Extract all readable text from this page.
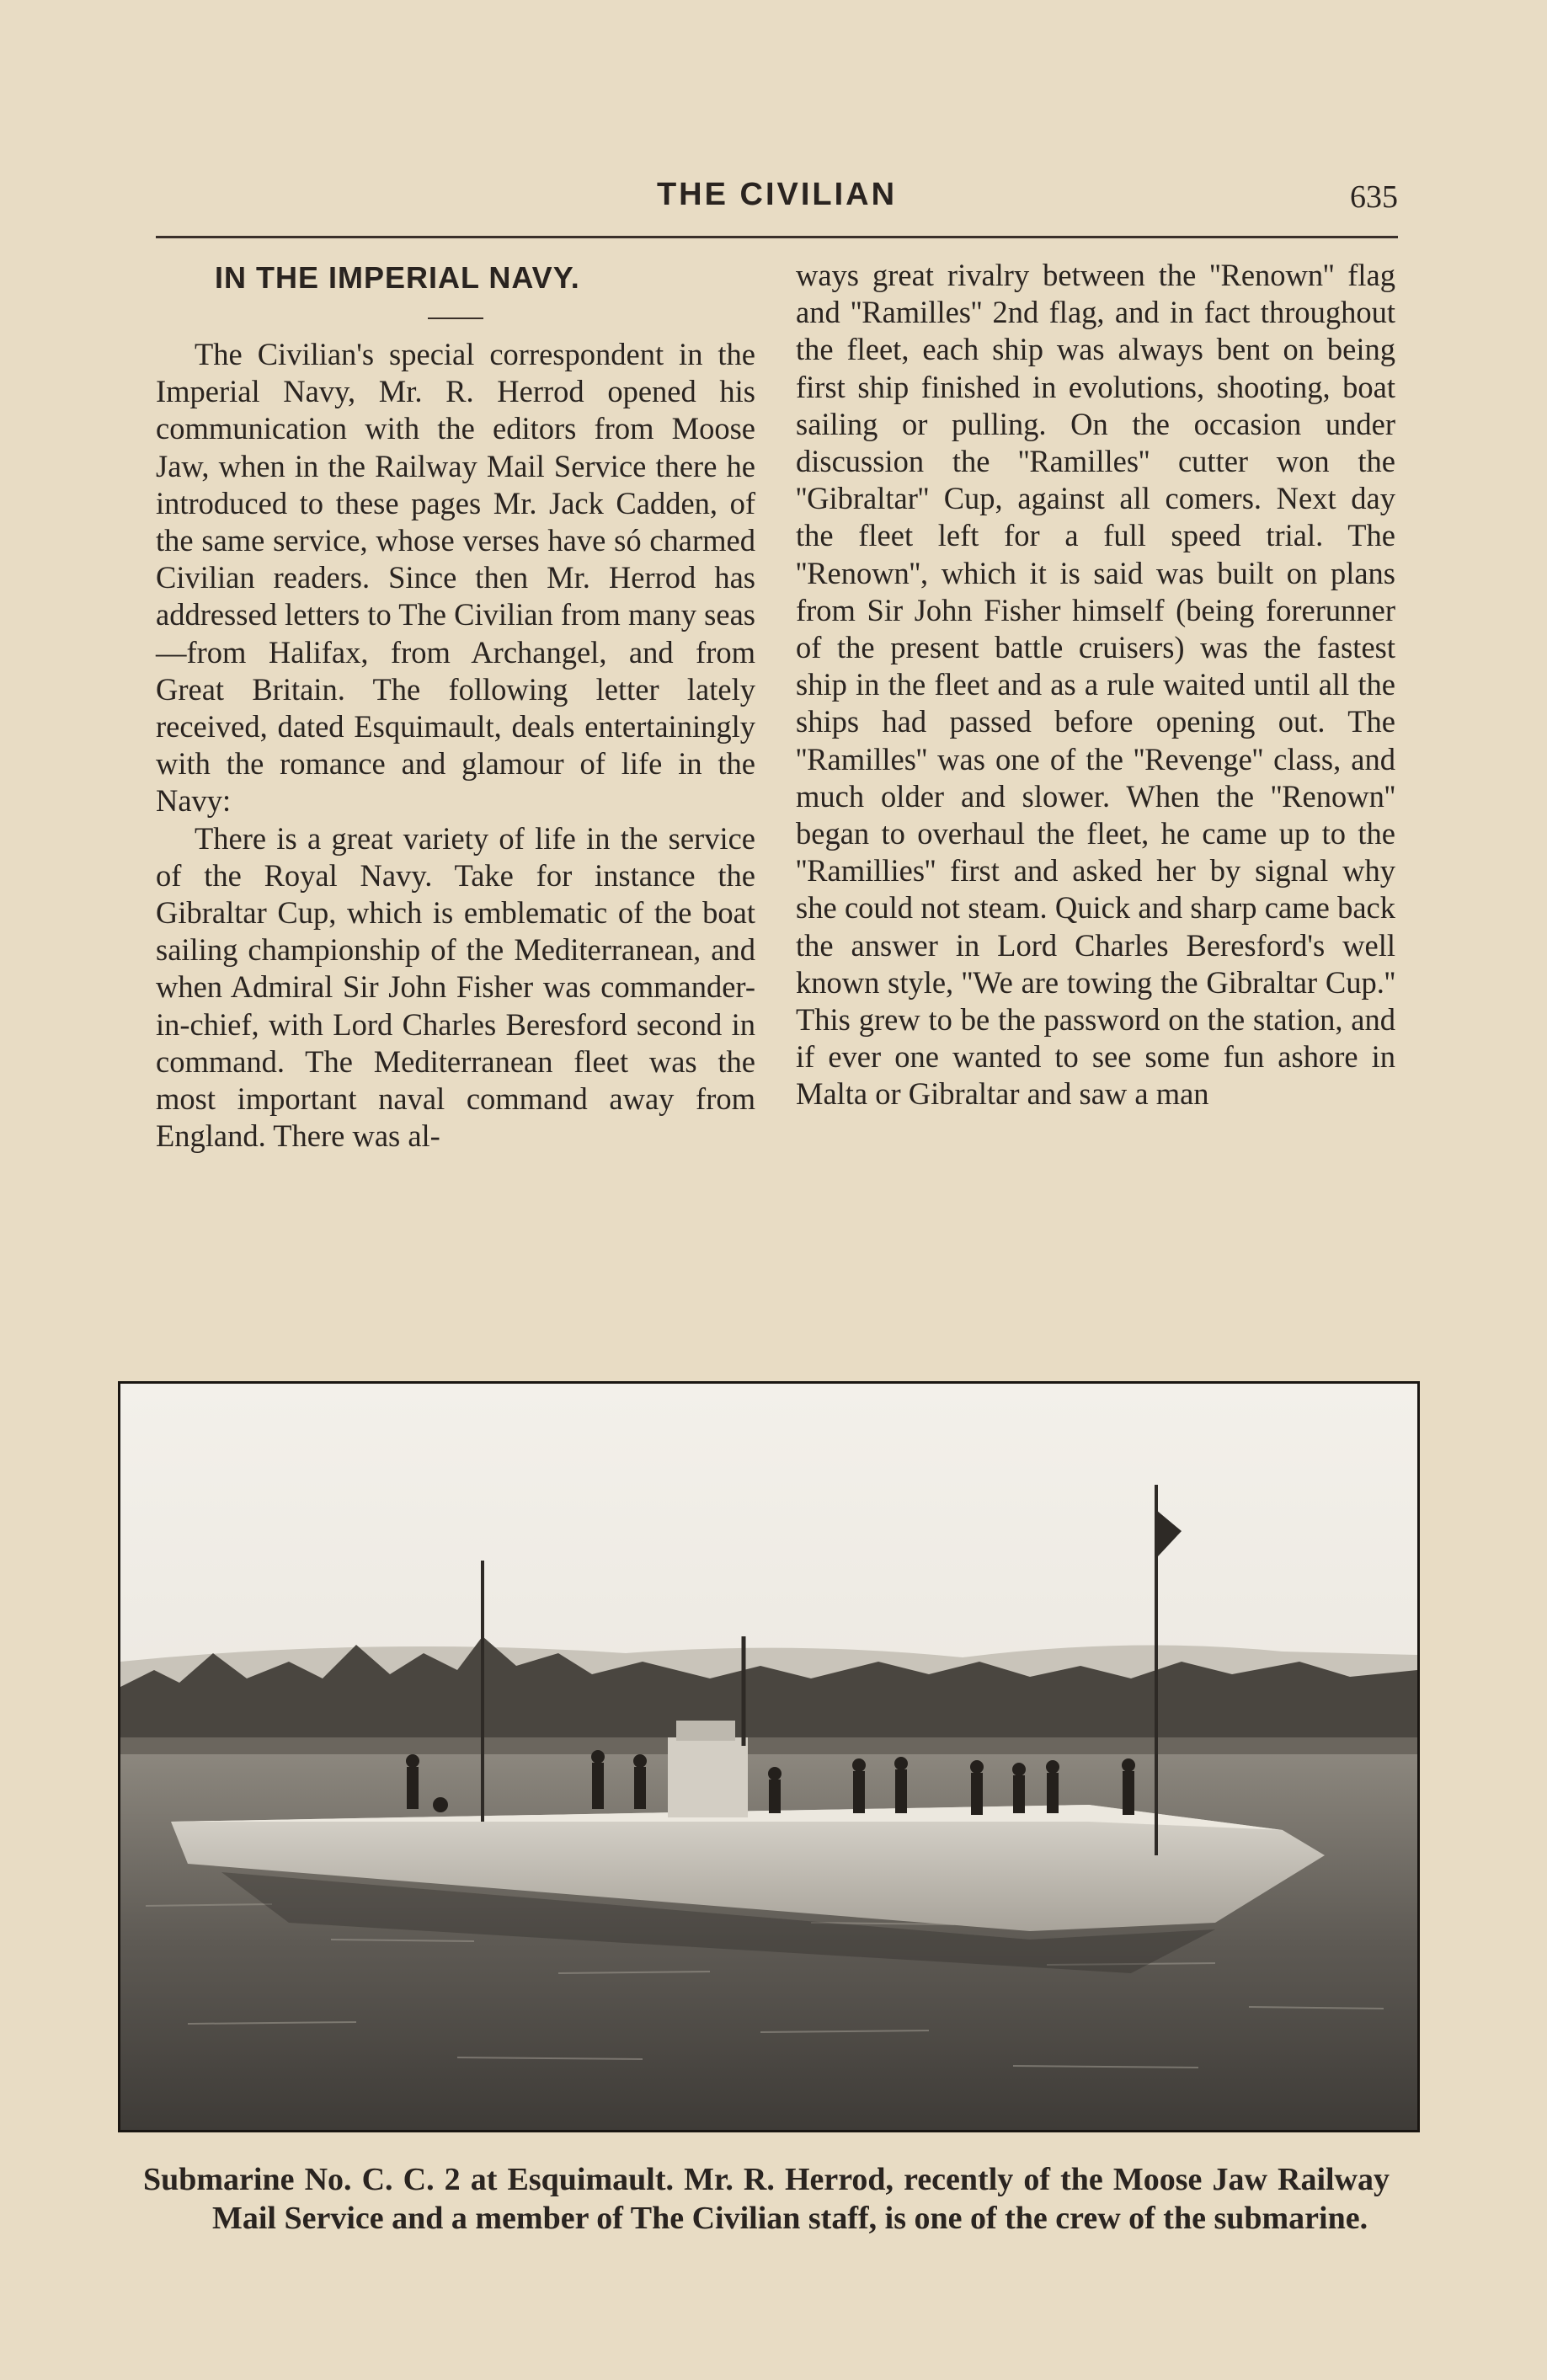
THE CIVILIAN	635
IN THE IMPERIAL NAVY.

The Civilian's special correspondent in the Imperial Navy, Mr. R. Herrod opened his communication with the editors from Moose Jaw, when in the Railway Mail Service there he introduced to these pages Mr. Jack Cadden, of the same service, whose verses have só charmed Civilian readers. Since then Mr. Herrod has addressed letters to The Civilian from many seas—from Halifax, from Archangel, and from Great Britain. The following letter lately received, dated Esquimault, deals entertainingly with the romance and glamour of life in the Navy:

There is a great variety of life in the service of the Royal Navy. Take for instance the Gibraltar Cup, which is emblematic of the boat sailing championship of the Mediterranean, and when Admiral Sir John Fisher was commander-in-chief, with Lord Charles Beresford second in command. The Mediterranean fleet was the most important naval command away from England. There was al-

ways great rivalry between the ''Renown'' flag and ''Ramilles'' 2nd flag, and in fact throughout the fleet, each ship was always bent on being first ship finished in evolutions, shooting, boat sailing or pulling. On the occasion under discussion the ''Ramilles'' cutter won the ''Gibraltar'' Cup, against all comers. Next day the fleet left for a full speed trial. The ''Renown'', which it is said was built on plans from Sir John Fisher himself (being forerunner of the present battle cruisers) was the fastest ship in the fleet and as a rule waited until all the ships had passed before opening out. The ''Ramilles'' was one of the ''Revenge'' class, and much older and slower. When the ''Renown'' began to overhaul the fleet, he came up to the ''Ramillies'' first and asked her by signal why she could not steam. Quick and sharp came back the answer in Lord Charles Beresford's well known style, ''We are towing the Gibraltar Cup.'' This grew to be the password on the station, and if ever one wanted to see some fun ashore in Malta or Gibraltar and saw a man

Submarine No. C. C. 2 at Esquimault. Mr. R. Herrod, recently of the Moose Jaw Railway Mail Service and a member of The Civilian staff, is one of the crew of the submarine.
